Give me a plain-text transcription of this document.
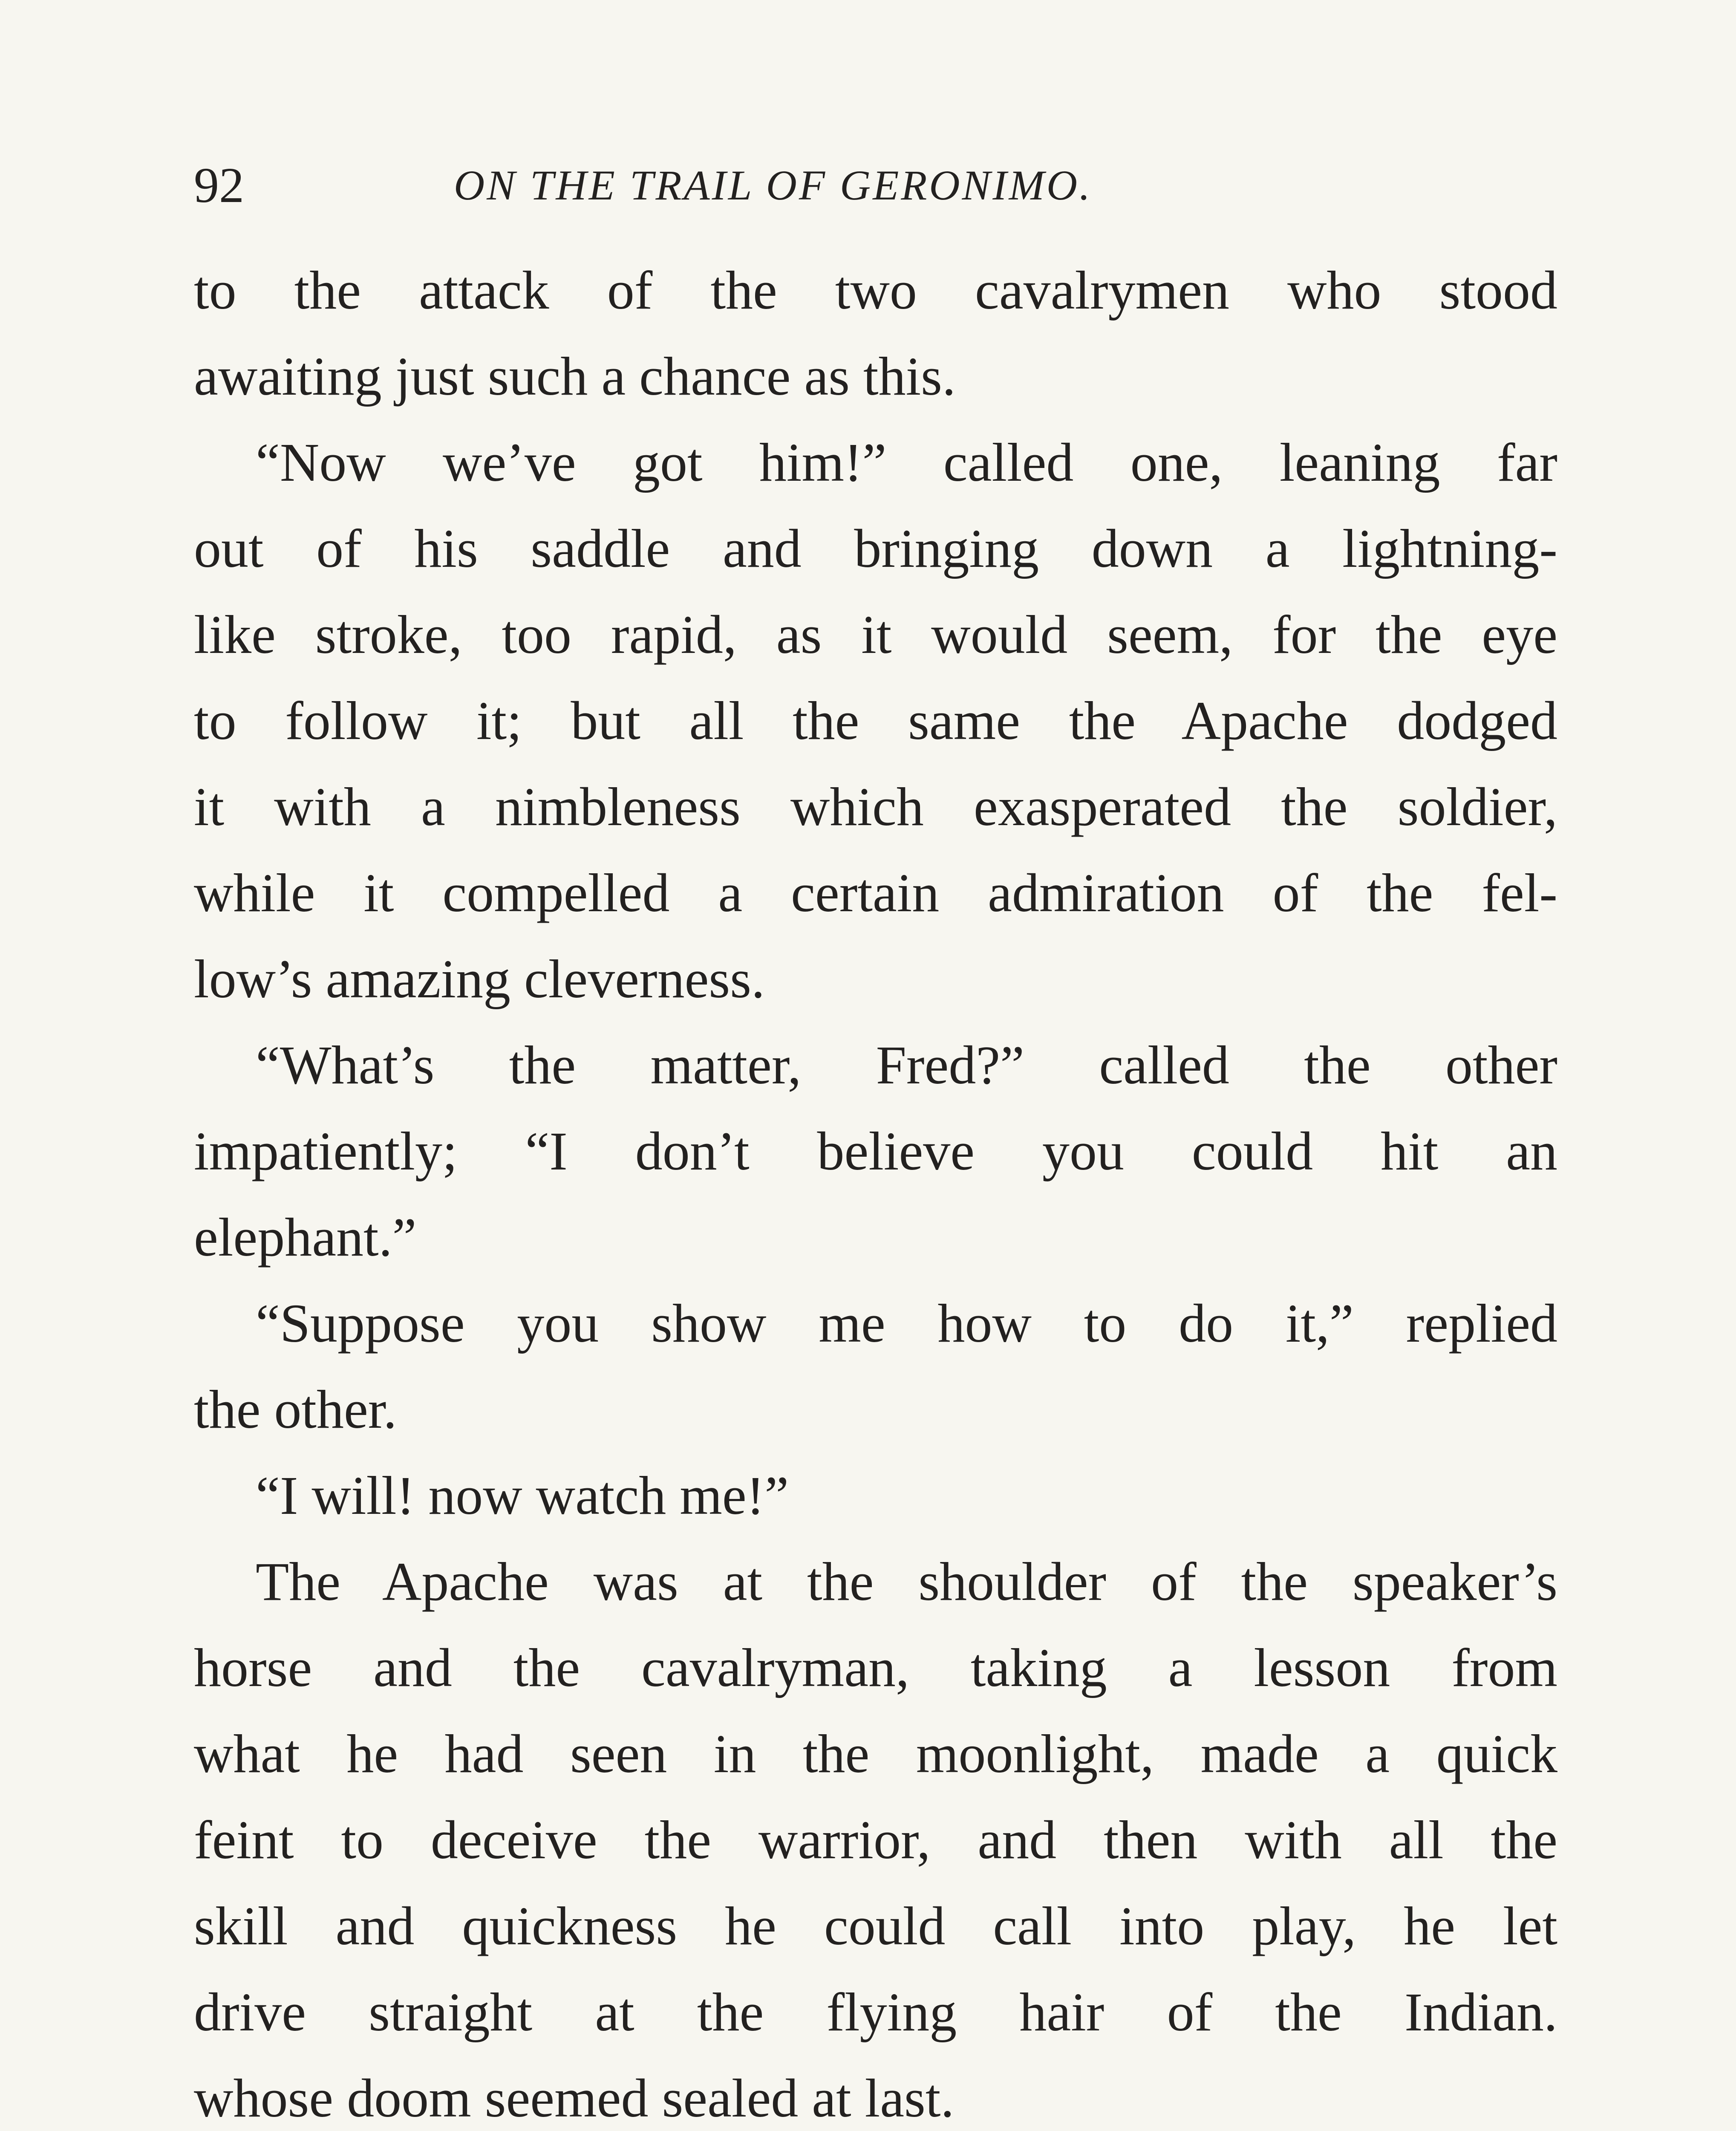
92	ON THE TRAIL OF GERONIMO.
to the attack of the two cavalrymen who stood
awaiting just such a chance as this.
“Now we’ve got him!” called one, leaning far
out of his saddle and bringing down a lightning-
like stroke, too rapid, as it would seem, for the eye
to follow it; but all the same the Apache dodged
it with a nimbleness which exasperated the soldier,
while it compelled a certain admiration of the fel-
low’s amazing cleverness.
“What’s the matter, Fred?” called the other
impatiently; “I don’t believe you could hit an
elephant.”
“Suppose you show me how to do it,” replied
the other.
“I will! now watch me!”
The Apache was at the shoulder of the speaker’s
horse and the cavalryman, taking a lesson from
what he had seen in the moonlight, made a quick
feint to deceive the warrior, and then with all the
skill and quickness he could call into play, he let
drive straight at the flying hair of the Indian.
whose doom seemed sealed at last.
